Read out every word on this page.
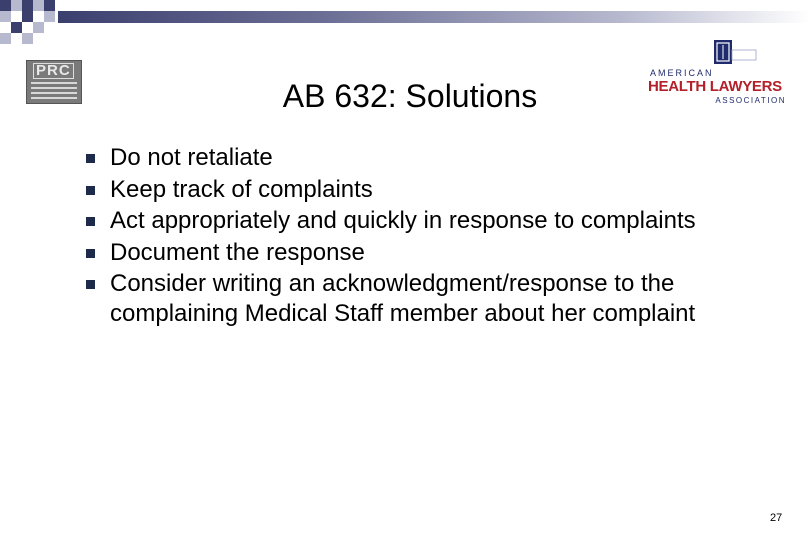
PRC	AMERICAN
HEALTH LAWYERS
ASSOCIATION
AB 632: Solutions
Do not retaliate
Keep track of complaints
Act appropriately and quickly in response to complaints
Document the response
Consider writing an acknowledgment/response to the complaining Medical Staff member about her complaint
27
